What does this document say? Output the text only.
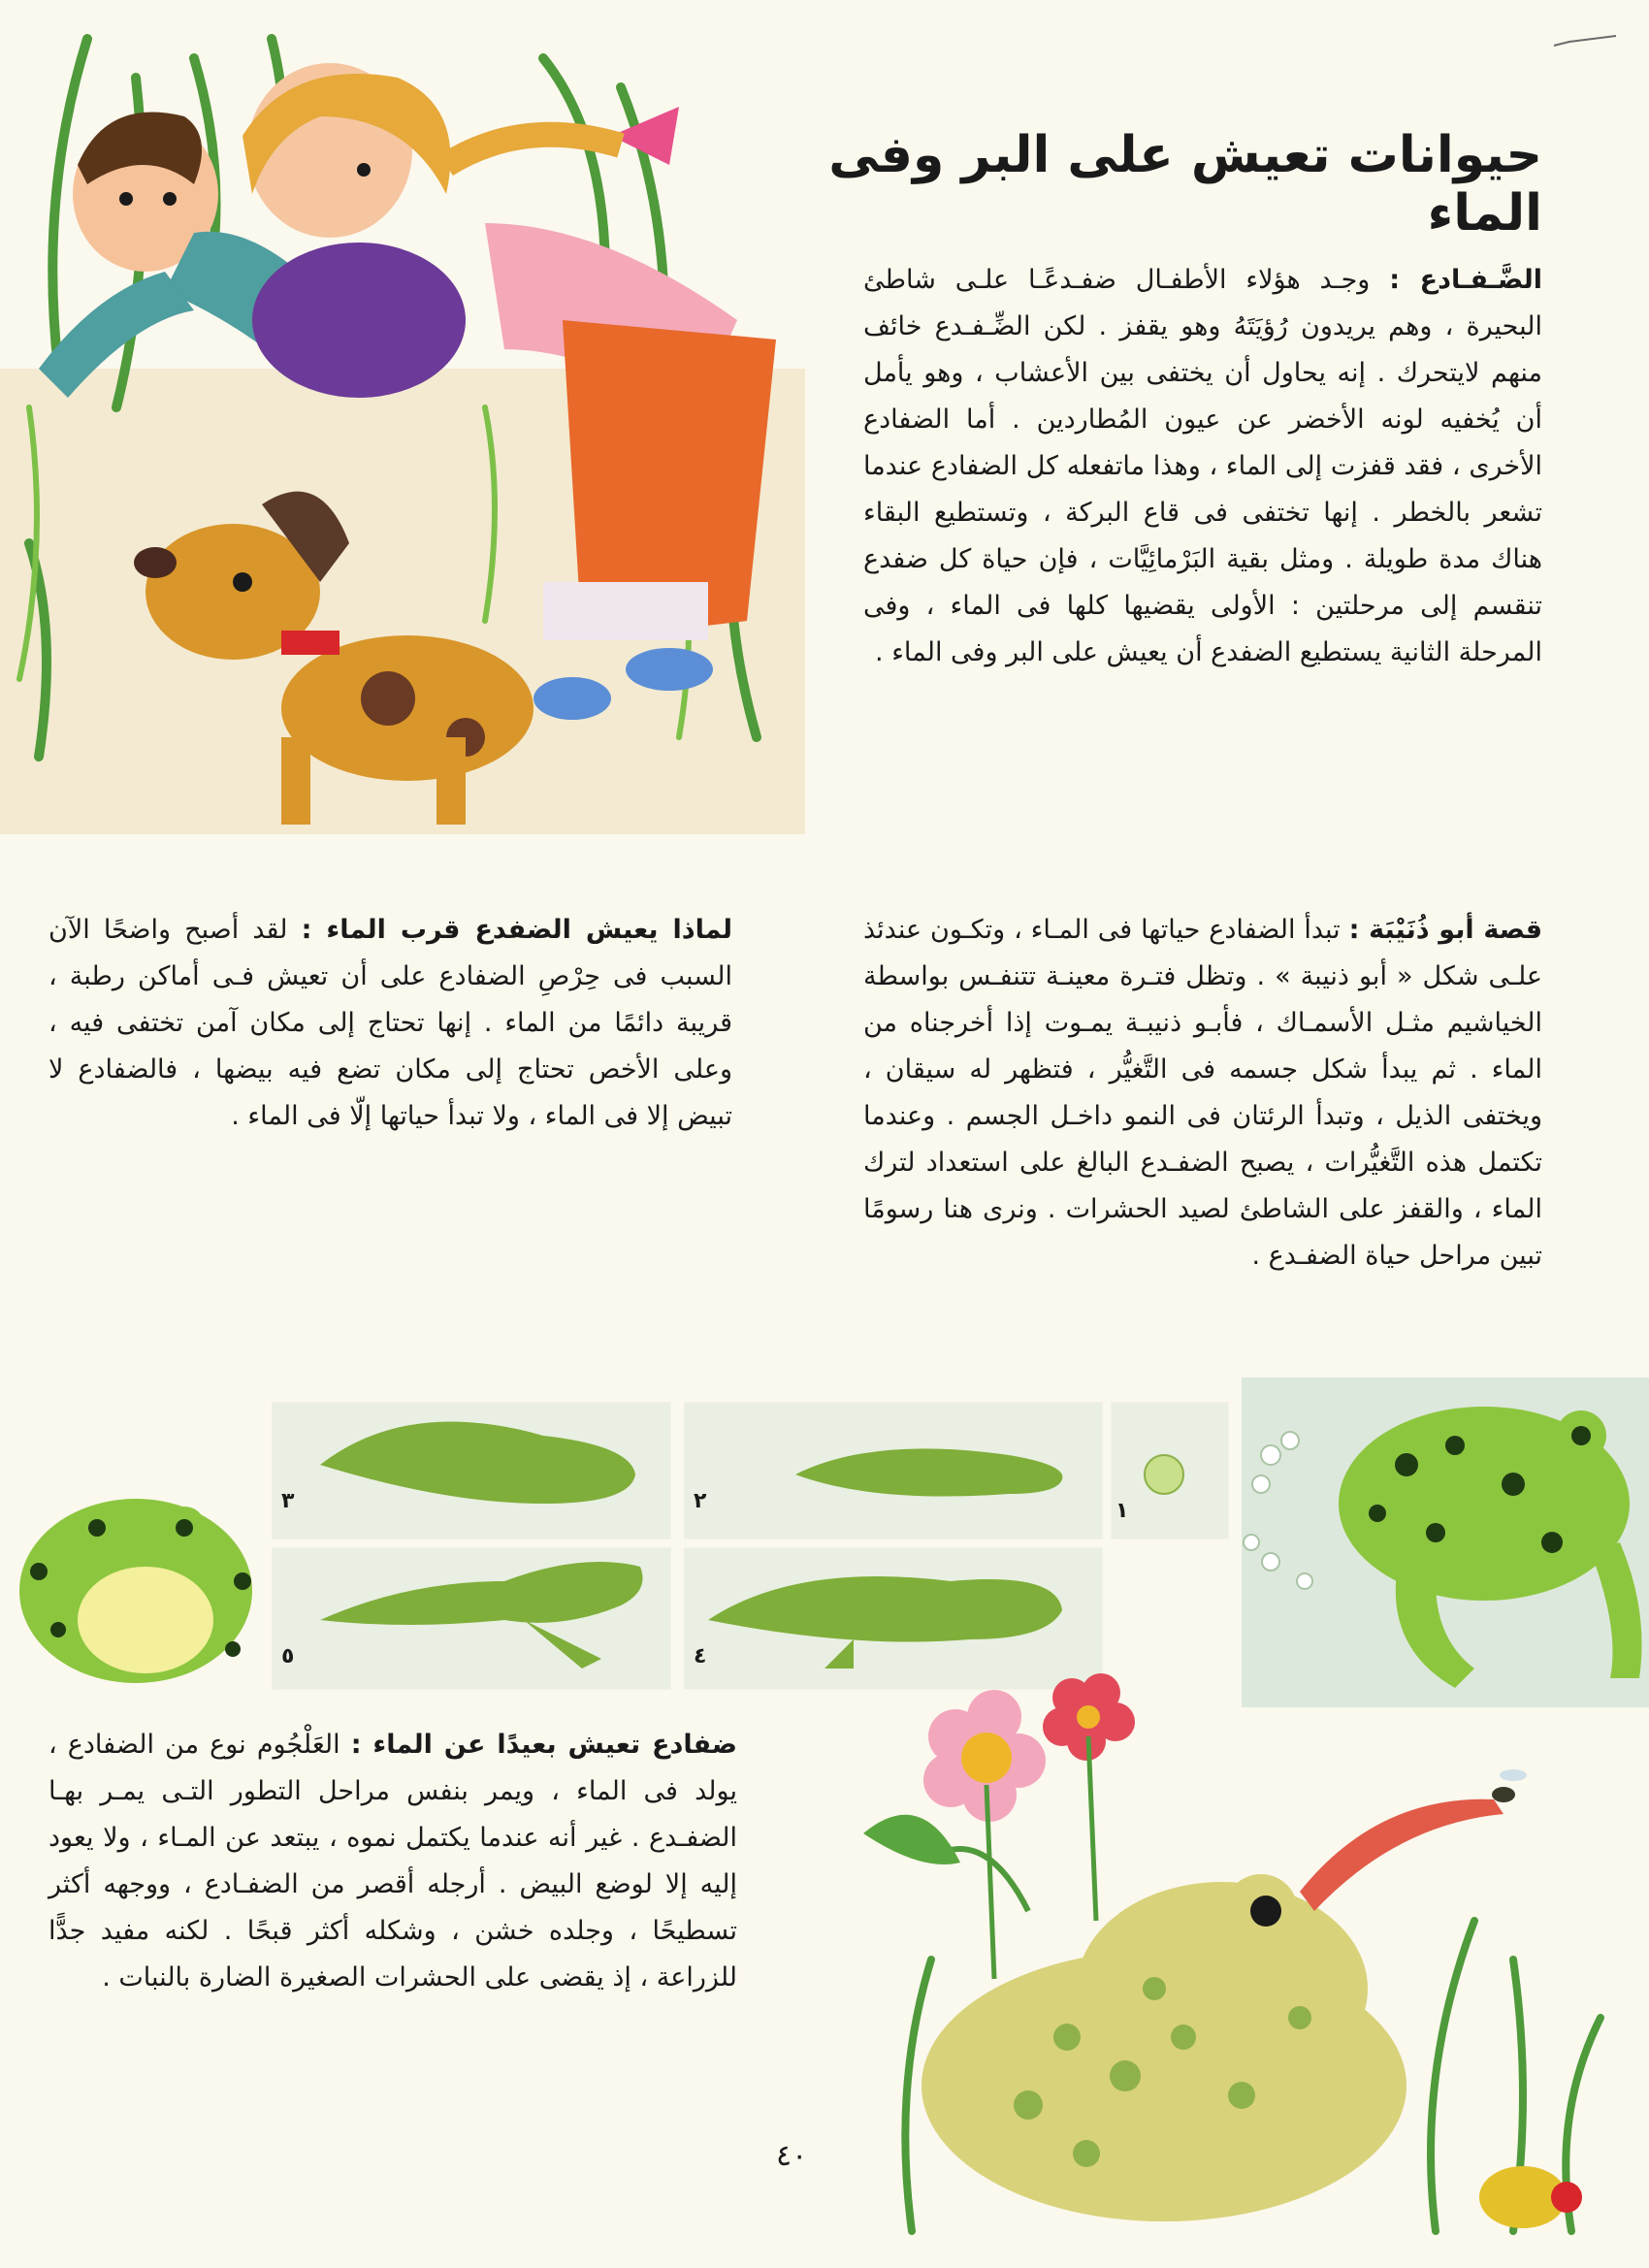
حيوانات تعيش على البر وفى الماء
الضَّـفـادع : وجـد هؤلاء الأطفـال ضفـدعًـا علـى شاطئ البحيرة ، وهم يريدون رُؤيَتَهُ وهو يقفز . لكن الضِّـفـدع خائف منهم لايتحرك . إنه يحاول أن يختفى بين الأعشاب ، وهو يأمل أن يُخفيه لونه الأخضر عن عيون المُطاردين . أما الضفادع الأخرى ، فقد قفزت إلى الماء ، وهذا ماتفعله كل الضفادع عندما تشعر بالخطر . إنها تختفى فى قاع البركة ، وتستطيع البقاء هناك مدة طويلة . ومثل بقية البَرْمائِيَّات ، فإن حياة كل ضفدع تنقسم إلى مرحلتين : الأولى يقضيها كلها فى الماء ، وفى المرحلة الثانية يستطيع الضفدع أن يعيش على البر وفى الماء .
قصة أبو ذُنَيْبَة : تبدأ الضفادع حياتها فى المـاء ، وتكـون عندئذ علـى شكل « أبو ذنيبة » . وتظل فتـرة معينـة تتنفـس بواسطة الخياشيم مثـل الأسمـاك ، فأبـو ذنيبـة يمـوت إذا أخرجناه من الماء . ثم يبدأ شكل جسمه فى التَّغيُّر ، فتظهر له سيقان ، ويختفى الذيل ، وتبدأ الرئتان فى النمو داخـل الجسم . وعندما تكتمل هذه التَّغيُّرات ، يصبح الضفـدع البالغ على استعداد لترك الماء ، والقفز على الشاطئ لصيد الحشرات . ونرى هنا رسومًا تبين مراحل حياة الضفـدع .
لماذا يعيش الضفدع قرب الماء : لقد أصبح واضحًا الآن السبب فى حِرْصِ الضفادع على أن تعيش فـى أماكن رطبة ، قريبة دائمًا من الماء . إنها تحتاج إلى مكان آمن تختفى فيه ، وعلى الأخص تحتاج إلى مكان تضع فيه بيضها ، فالضفادع لا تبيض إلا فى الماء ، ولا تبدأ حياتها إلّا فى الماء .
٣	٢	١
٥	٤
ضفادع تعيش بعيدًا عن الماء : العَلْجُوم نوع من الضفادع ، يولد فى الماء ، ويمر بنفس مراحل التطور التـى يمـر بهـا الضفـدع . غير أنه عندما يكتمل نموه ، يبتعد عن المـاء ، ولا يعود إليه إلا لوضع البيض . أرجله أقصر من الضفـادع ، ووجهه أكثر تسطيحًا ، وجلده خشن ، وشكله أكثر قبحًا . لكنه مفيد جدًّا للزراعة ، إذ يقضى على الحشرات الصغيرة الضارة بالنبات .
٤٠
